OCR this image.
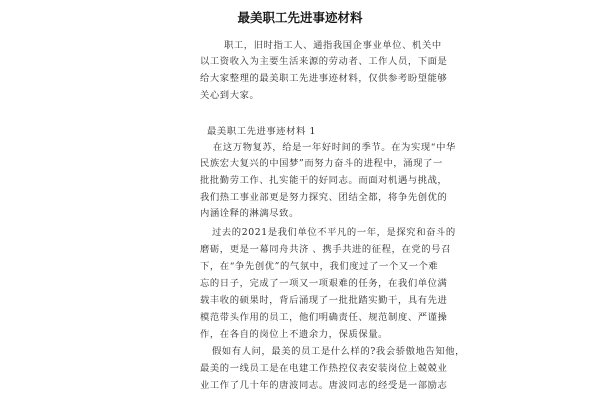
最美职工先进事迹材料
职工，旧时指工人、通指我国企事业单位、机关中
以工资收入为主要生活来源的劳动者、工作人员，下面是
给大家整理的最美职工先进事迹材料，仅供参考盼望能够
关心到大家。
最美职工先进事迹材料 1
在这万物复苏，给是一年好时间的季节。在为实现“中华
民族宏大复兴的中国梦”而努力奋斗的进程中，涌现了一
批批勤劳工作、扎实能干的好同志。而面对机遇与挑战，
我们热工事业部更是努力探究、团结全都，将争先创优的
内涵诠释的淋漓尽致。
过去的2021是我们单位不平凡的一年，是探究和奋斗的
磨砺，更是一幕同舟共济 、携手共进的征程，在党的号召
下，在“争先创优”的气氛中，我们度过了一个又一个难
忘的日子，完成了一项又一项艰难的任务，在我们单位满
载丰收的硕果时，背后涌现了一批批踏实勤干，具有先进
模范带头作用的员工，他们明确责任、规范制度、严谨操
作，在各自的岗位上不遗余力，保质保量。
假如有人问，最美的员工是什么样的?我会骄傲地告知他，
最美的一线员工是在电建工作热控仪表安装岗位上兢兢业
业工作了几十年的唐波同志。唐波同志的经受是一部励志
